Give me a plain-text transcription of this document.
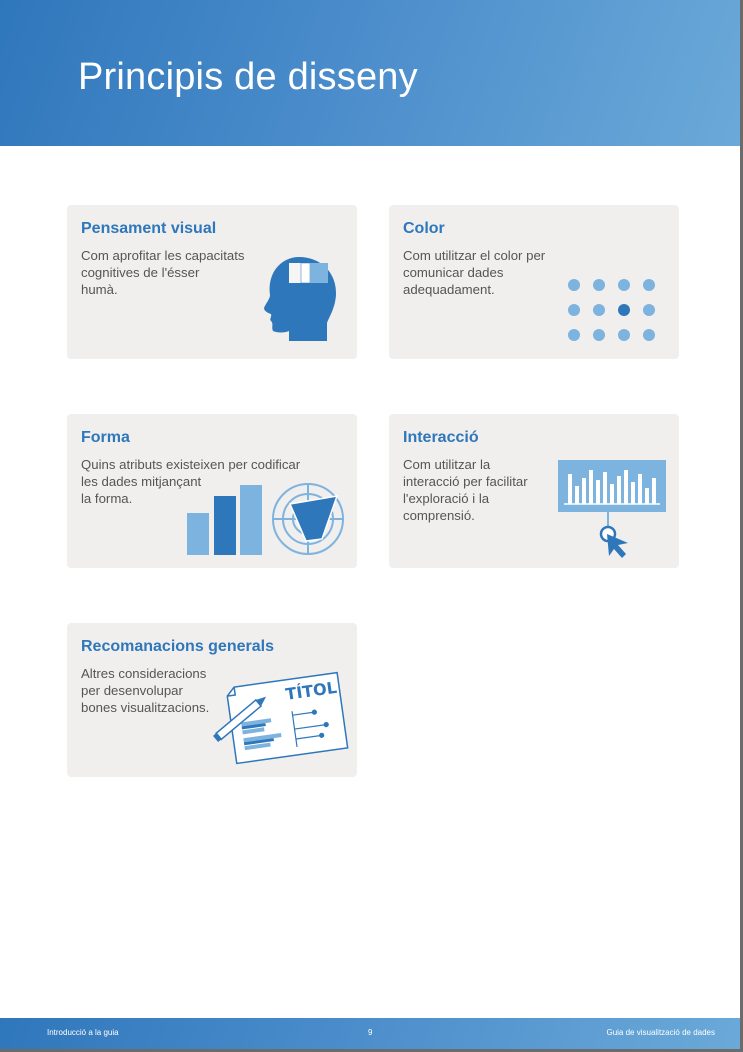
Principis de disseny
Pensament visual

Com aprofitar les capacitats
cognitives de l'ésser
humà.

Color

Com utilitzar el color per
comunicar dades
adequadament.

Forma

Quins atributs existeixen per codificar
les dades mitjançant
la forma.

Interacció

Com utilitzar la
interacció per facilitar
l'exploració i la
comprensió.

Recomanacions generals

Altres consideracions
per desenvolupar
bones visualitzacions.

TÍTOL
Introducció a la guia	9	Guia de visualització de dades
